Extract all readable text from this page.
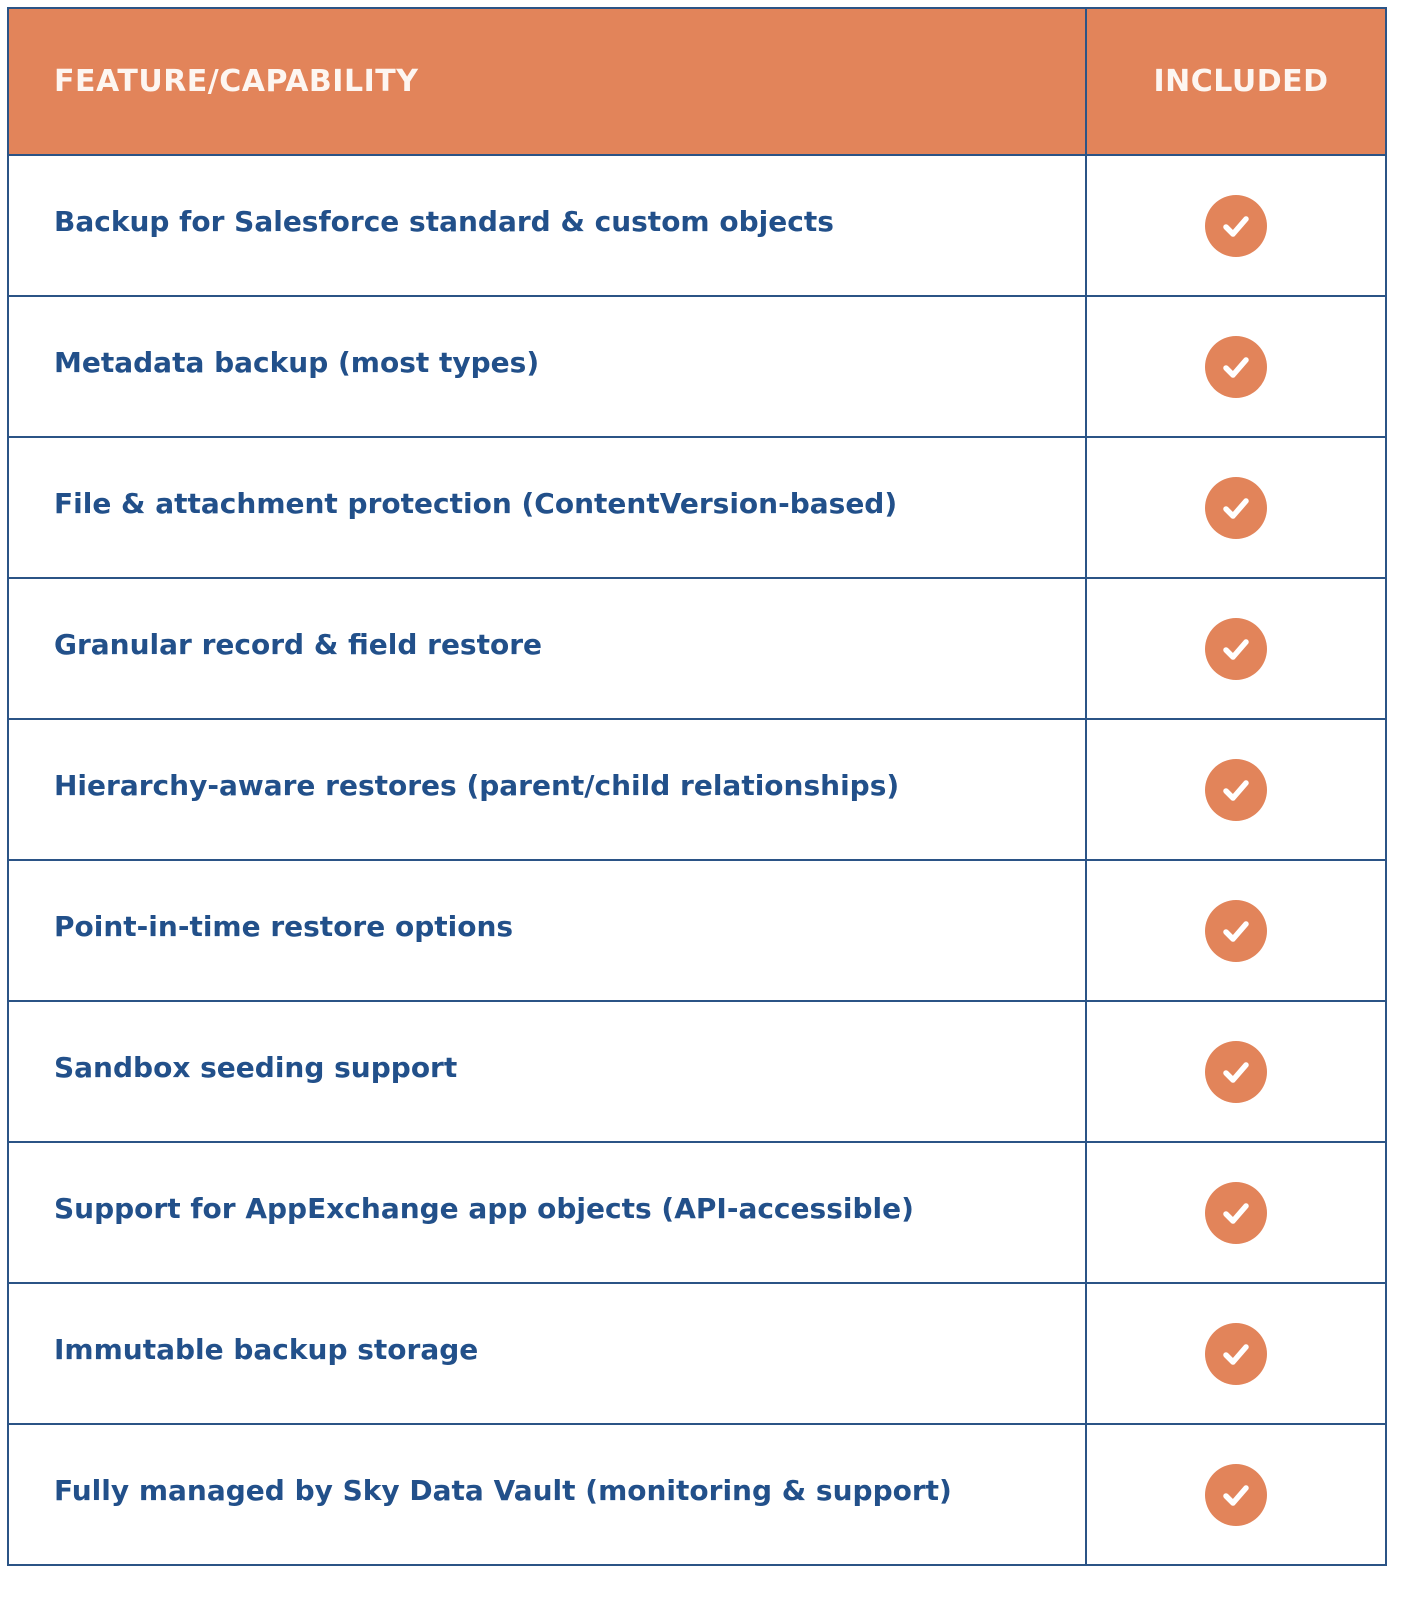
FEATURE/CAPABILITY	INCLUDED
Backup for Salesforce standard & custom objects
Metadata backup (most types)
File & attachment protection (ContentVersion-based)
Granular record & field restore
Hierarchy-aware restores (parent/child relationships)
Point-in-time restore options
Sandbox seeding support
Support for AppExchange app objects (API-accessible)
Immutable backup storage
Fully managed by Sky Data Vault (monitoring & support)
